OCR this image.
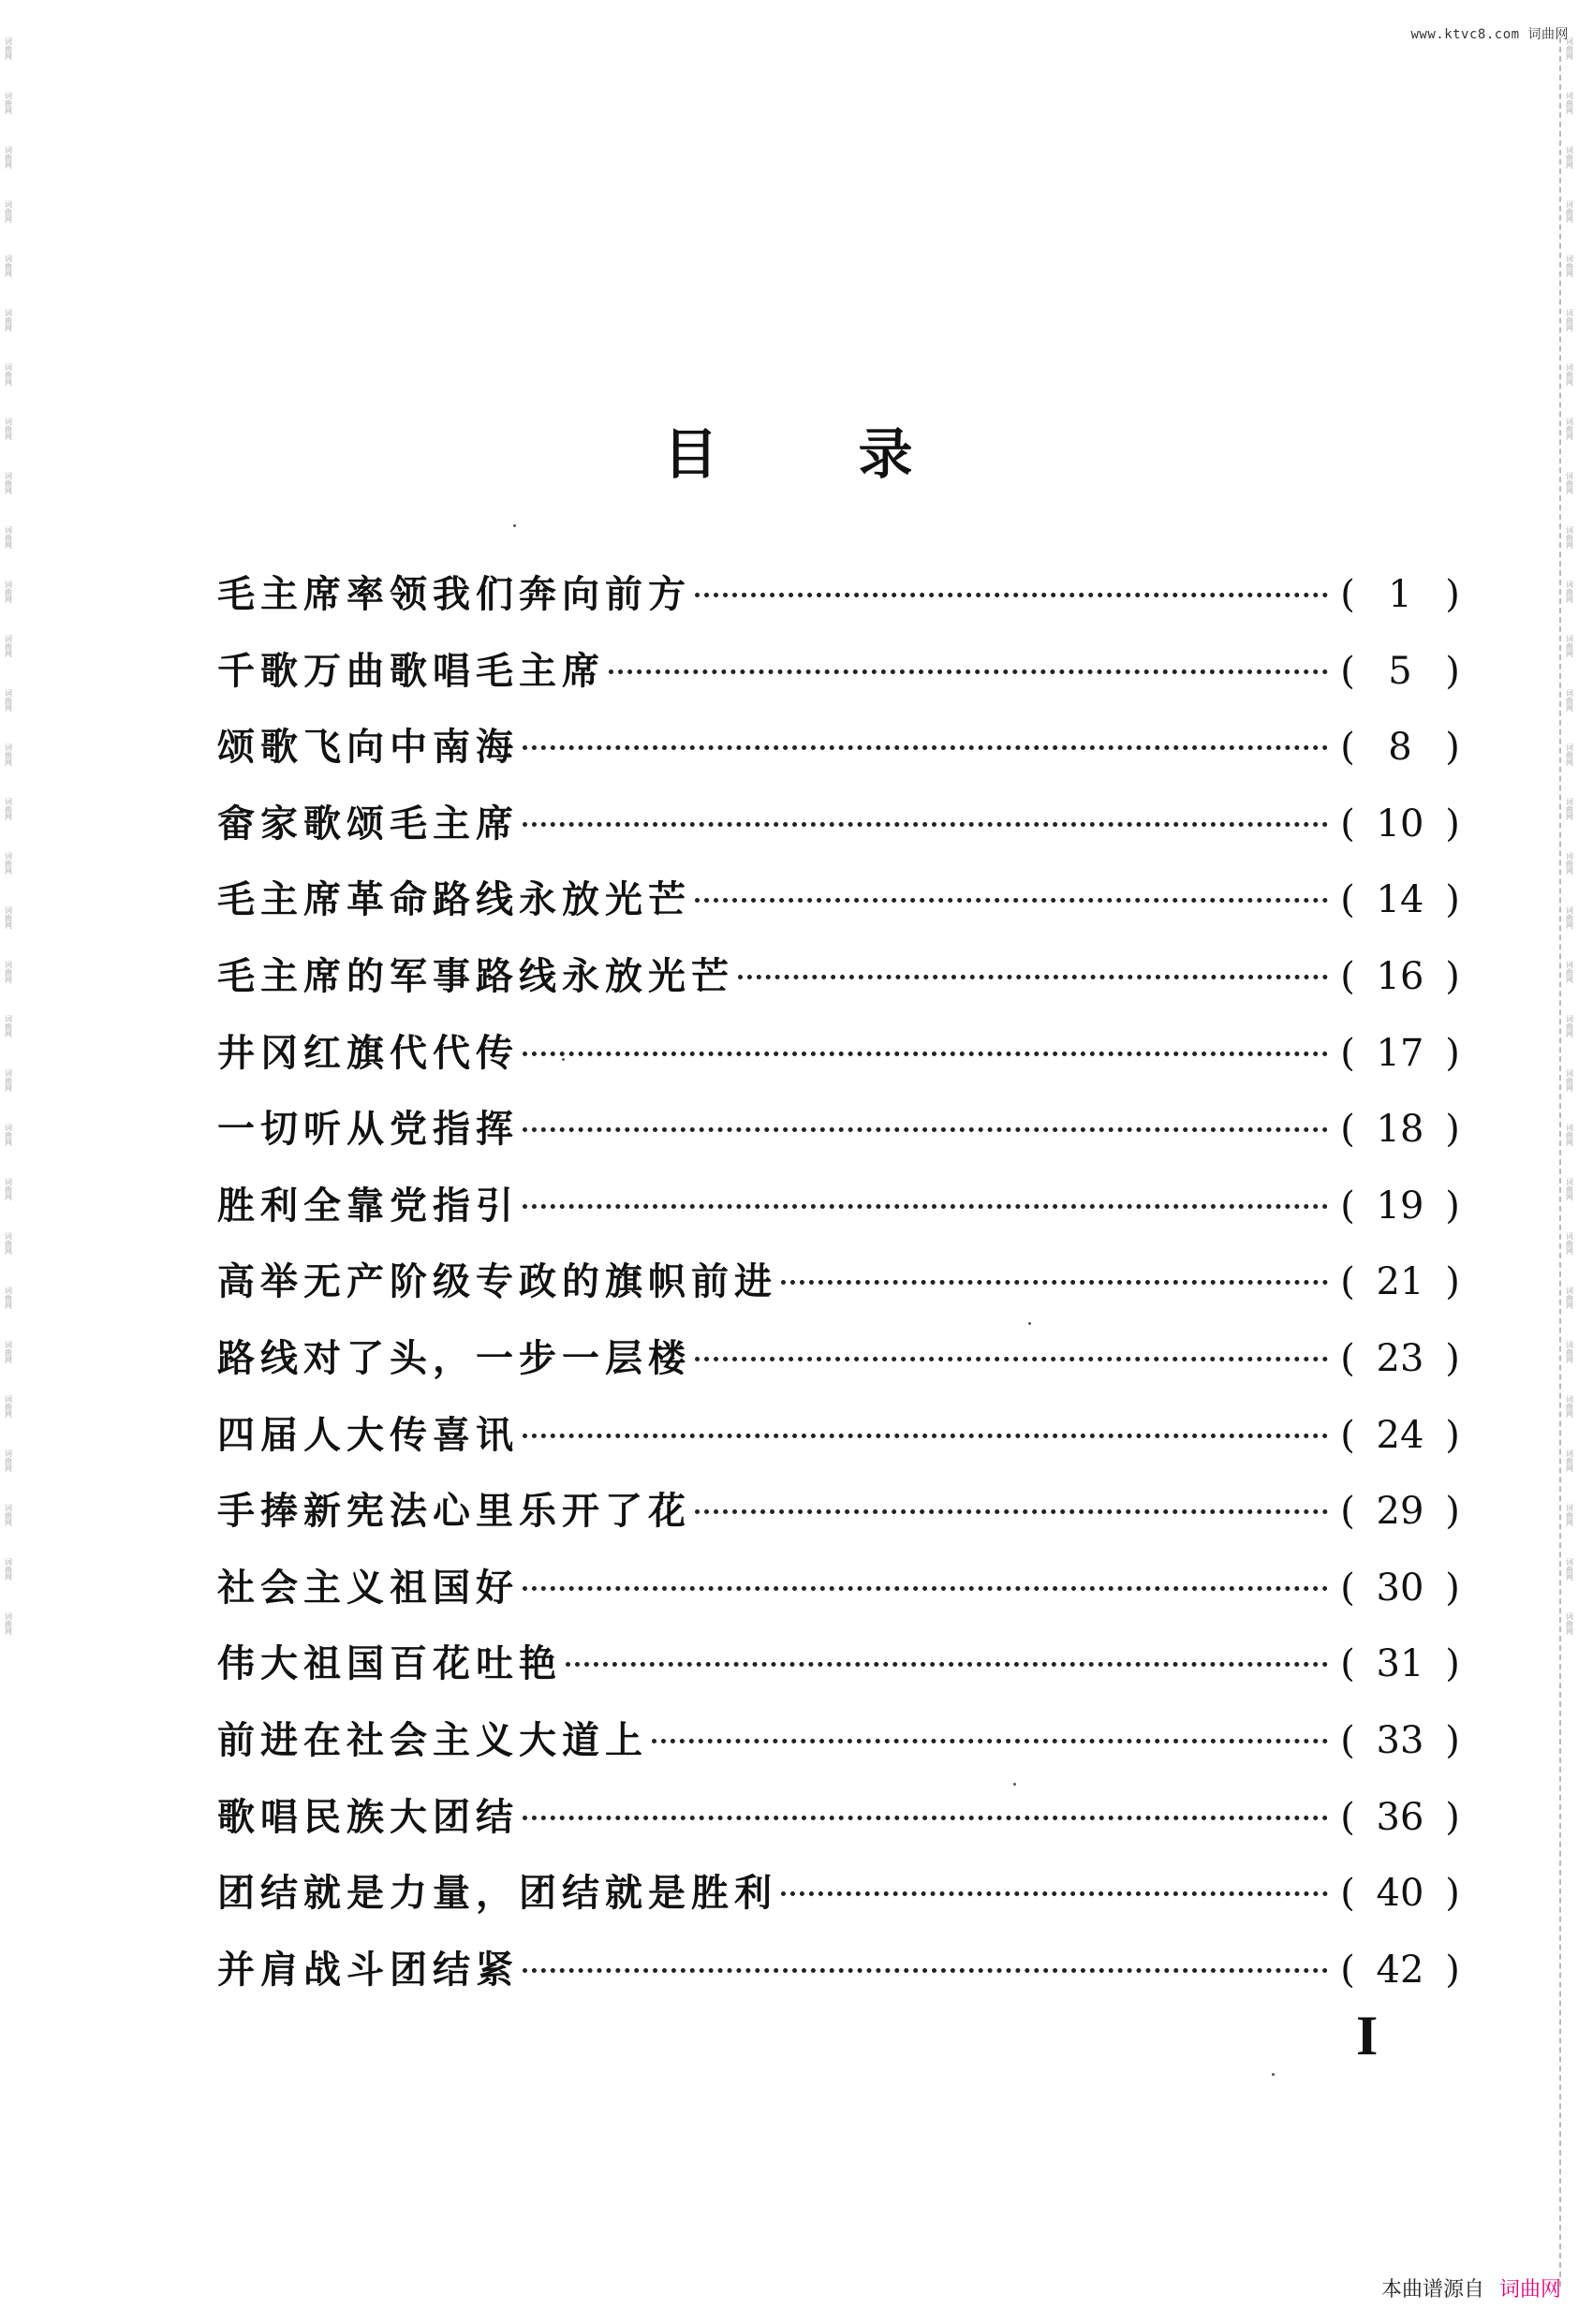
www.ktvc8.com 词曲网
词曲网
词曲网
词曲网
词曲网
词曲网
词曲网
词曲网
词曲网
词曲网
词曲网
词曲网
词曲网
词曲网
词曲网
词曲网
词曲网
词曲网
词曲网
词曲网
词曲网
词曲网
词曲网
词曲网
词曲网
词曲网
词曲网
词曲网
词曲网
词曲网
词曲网
词曲网
词曲网
词曲网
词曲网
词曲网
词曲网
词曲网
词曲网
词曲网
词曲网
词曲网
词曲网
词曲网
词曲网
词曲网
词曲网
词曲网
词曲网
词曲网
词曲网
词曲网
词曲网
词曲网
词曲网
词曲网
词曲网
词曲网
词曲网
词曲网
词曲网
目	录
毛主席率领我们奔向前方	( 1 )
千歌万曲歌唱毛主席	( 5 )
颂歌飞向中南海	( 8 )
畲家歌颂毛主席	( 10 )
毛主席革命路线永放光芒	( 14 )
毛主席的军事路线永放光芒	( 16 )
井冈红旗代代传	( 17 )
一切听从党指挥	( 18 )
胜利全靠党指引	( 19 )
高举无产阶级专政的旗帜前进	( 21 )
路线对了头，一步一层楼	( 23 )
四届人大传喜讯	( 24 )
手捧新宪法心里乐开了花	( 29 )
社会主义祖国好	( 30 )
伟大祖国百花吐艳	( 31 )
前进在社会主义大道上	( 33 )
歌唱民族大团结	( 36 )
团结就是力量，团结就是胜利	( 40 )
并肩战斗团结紧	( 42 )
I
本曲谱源自 词曲网
